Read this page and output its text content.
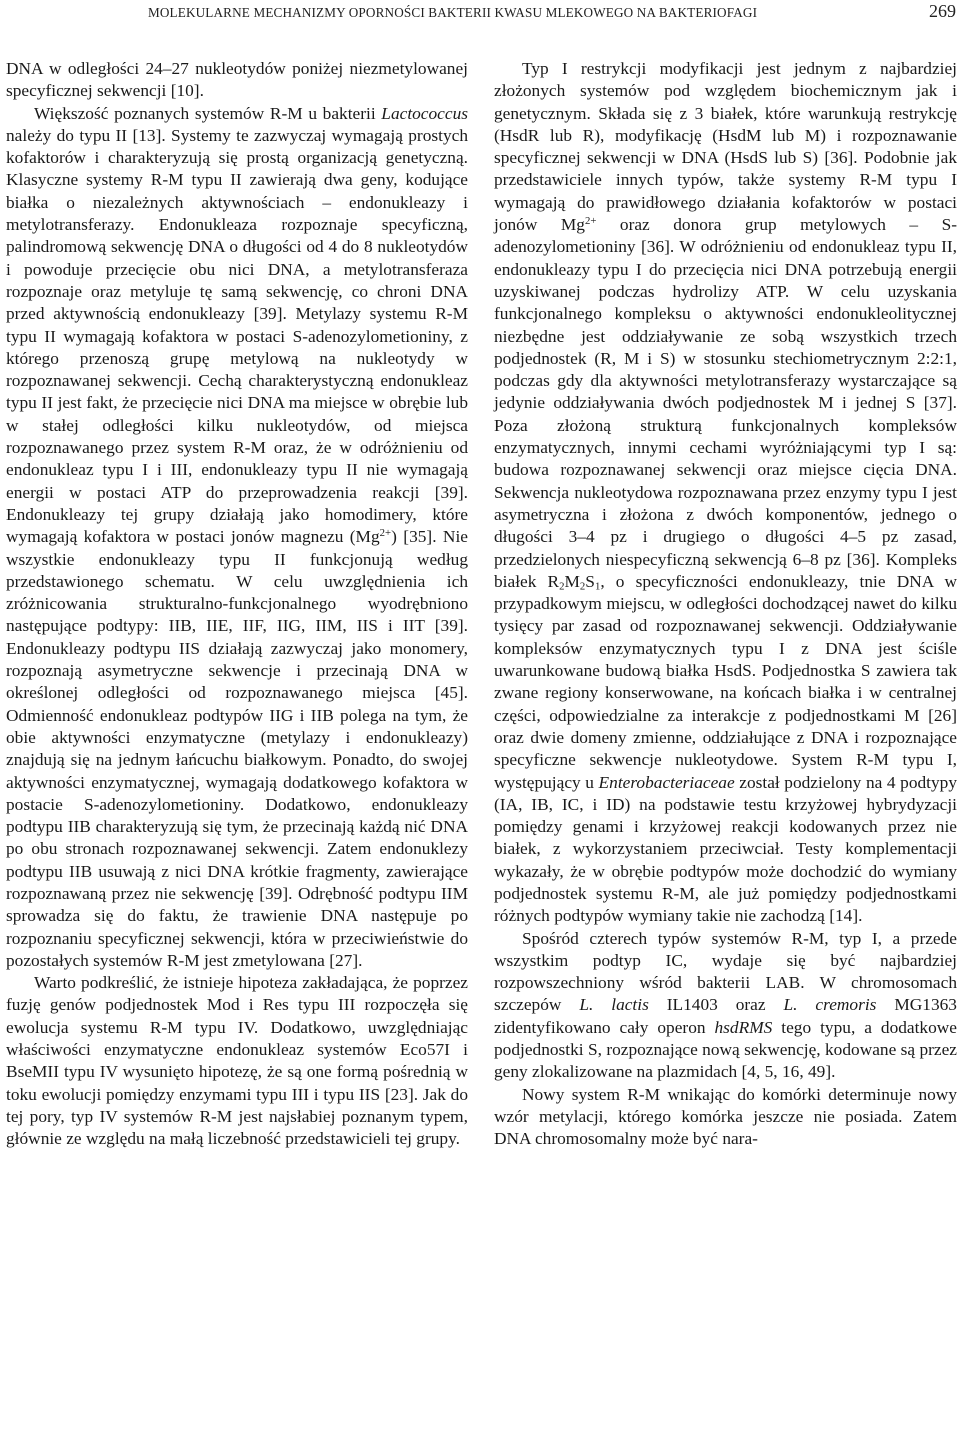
MOLEKULARNE MECHANIZMY OPORNOŚCI BAKTERII KWASU MLEKOWEGO NA BAKTERIOFAGI	269

DNA w odległości 24–27 nukleotydów poniżej niezmetylowanej specyficznej sekwencji [10].

Większość poznanych systemów R-M u bakterii Lactococcus należy do typu II [13]. Systemy te zazwyczaj wymagają prostych kofaktorów i charakteryzują się prostą organizacją genetyczną. Klasyczne systemy R-M typu II zawierają dwa geny, kodujące białka o niezależnych aktywnościach – endonukleazy i metylotransferazy. Endonukleaza rozpoznaje specyficzną, palindromową sekwencję DNA o długości od 4 do 8 nukleotydów i powoduje przecięcie obu nici DNA, a metylotransferaza rozpoznaje oraz metyluje tę samą sekwencję, co chroni DNA przed aktywnością endonukleazy [39]. Metylazy systemu R-M typu II wymagają kofaktora w postaci S-adenozylometioniny, z którego przenoszą grupę metylową na nukleotydy w rozpoznawanej sekwencji. Cechą charakterystyczną endonukleaz typu II jest fakt, że przecięcie nici DNA ma miejsce w obrębie lub w stałej odległości kilku nukleotydów, od miejsca rozpoznawanego przez system R-M oraz, że w odróżnieniu od endonukleaz typu I i III, endonukleazy typu II nie wymagają energii w postaci ATP do przeprowadzenia reakcji [39]. Endonukleazy tej grupy działają jako homodimery, które wymagają kofaktora w postaci jonów magnezu $(Mg^{2+})$ [35]. Nie wszystkie endonukleazy typu II funkcjonują według przedstawionego schematu. W celu uwzględnienia ich zróżnicowania strukturalno-funkcjonalnego wyodrębniono następujące podtypy: IIB, IIE, IIF, IIG, IIM, IIS i IIT [39]. Endonukleazy podtypu IIS działają zazwyczaj jako monomery, rozpoznają asymetryczne sekwencje i przecinają DNA w określonej odległości od rozpoznawanego miejsca [45]. Odmienność endonukleaz podtypów IIG i IIB polega na tym, że obie aktywności enzymatyczne (metylazy i endonukleazy) znajdują się na jednym łańcuchu białkowym. Ponadto, do swojej aktywności enzymatycznej, wymagają dodatkowego kofaktora w postacie S-adenozylometioniny. Dodatkowo, endonukleazy podtypu IIB charakteryzują się tym, że przecinają każdą nić DNA po obu stronach rozpoznawanej sekwencji. Zatem endonuklezy podtypu IIB usuwają z nici DNA krótkie fragmenty, zawierające rozpoznawaną przez nie sekwencję [39]. Odrębność podtypu IIM sprowadza się do faktu, że trawienie DNA następuje po rozpoznaniu specyficznej sekwencji, która w przeciwieństwie do pozostałych systemów R-M jest zmetylowana [27].

Warto podkreślić, że istnieje hipoteza zakładająca, że poprzez fuzję genów podjednostek Mod i Res typu III rozpoczęła się ewolucja systemu R-M typu IV. Dodatkowo, uwzględniając właściwości enzymatyczne endonukleaz systemów Eco57I i BseMII typu IV wysunięto hipotezę, że są one formą pośrednią w toku ewolucji pomiędzy enzymami typu III i typu IIS [23]. Jak do tej pory, typ IV systemów R-M jest najsłabiej poznanym typem, głównie ze względu na małą liczebność przedstawicieli tej grupy.

Typ I restrykcji modyfikacji jest jednym z najbardziej złożonych systemów pod względem biochemicznym jak i genetycznym. Składa się z 3 białek, które warunkują restrykcję (HsdR lub R), modyfikację (HsdM lub M) i rozpoznawanie specyficznej sekwencji w DNA (HsdS lub S) [36]. Podobnie jak przedstawiciele innych typów, także systemy R-M typu I wymagają do prawidłowego działania kofaktorów w postaci jonów $Mg^{2+}$ oraz donora grup metylowych – S-adenozylometioniny [36]. W odróżnieniu od endonukleaz typu II, endonukleazy typu I do przecięcia nici DNA potrzebują energii uzyskiwanej podczas hydrolizy ATP. W celu uzyskania funkcjonalnego kompleksu o aktywności endonukleolitycznej niezbędne jest oddziaływanie ze sobą wszystkich trzech podjednostek (R, M i S) w stosunku stechiometrycznym 2:2:1, podczas gdy dla aktywności metylotransferazy wystarczające są jedynie oddziaływania dwóch podjednostek M i jednej S [37]. Poza złożoną strukturą funkcjonalnych kompleksów enzymatycznych, innymi cechami wyróżniającymi typ I są: budowa rozpoznawanej sekwencji oraz miejsce cięcia DNA. Sekwencja nukleotydowa rozpoznawana przez enzymy typu I jest asymetryczna i złożona z dwóch komponentów, jednego o długości 3–4 pz i drugiego o długości 4–5 pz zasad, przedzielonych niespecyficzną sekwencją 6–8 pz [36]. Kompleks białek $R_2M_2S_1$, o specyficzności endonukleazy, tnie DNA w przypadkowym miejscu, w odległości dochodzącej nawet do kilku tysięcy par zasad od rozpoznawanej sekwencji. Oddziaływanie kompleksów enzymatycznych typu I z DNA jest ściśle uwarunkowane budową białka HsdS. Podjednostka S zawiera tak zwane regiony konserwowane, na końcach białka i w centralnej części, odpowiedzialne za interakcje z podjednostkami M [26] oraz dwie domeny zmienne, oddziałujące z DNA i rozpoznające specyficzne sekwencje nukleotydowe. System R-M typu I, występujący u Enterobacteriaceae został podzielony na 4 podtypy (IA, IB, IC, i ID) na podstawie testu krzyżowej hybrydyzacji pomiędzy genami i krzyżowej reakcji kodowanych przez nie białek, z wykorzystaniem przeciwciał. Testy komplementacji wykazały, że w obrębie podtypów może dochodzić do wymiany podjednostek systemu R-M, ale już pomiędzy podjednostkami różnych podtypów wymiany takie nie zachodzą [14].

Spośród czterech typów systemów R-M, typ I, a przede wszystkim podtyp IC, wydaje się być najbardziej rozpowszechniony wśród bakterii LAB. W chromosomach szczepów L. lactis IL1403 oraz L. cremoris MG1363 zidentyfikowano cały operon hsdRMS tego typu, a dodatkowe podjednostki S, rozpoznające nową sekwencję, kodowane są przez geny zlokalizowane na plazmidach [4, 5, 16, 49].

Nowy system R-M wnikając do komórki determinuje nowy wzór metylacji, którego komórka jeszcze nie posiada. Zatem DNA chromosomalny może być nara-
